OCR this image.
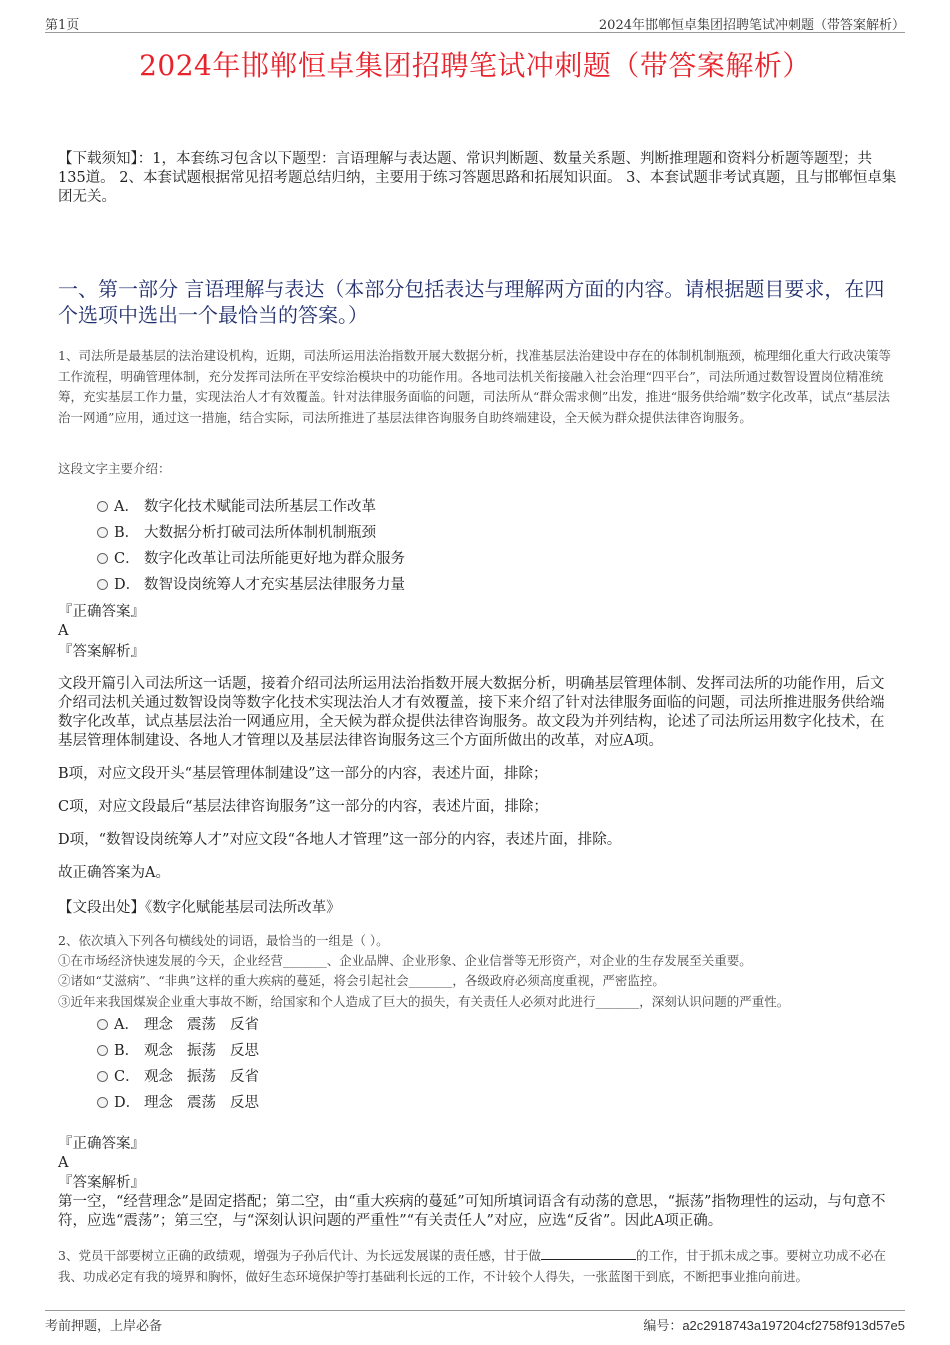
第1页	2024年邯郸恒卓集团招聘笔试冲刺题（带答案解析）
2024年邯郸恒卓集团招聘笔试冲刺题（带答案解析）
【下载须知】：1，本套练习包含以下题型：言语理解与表达题、常识判断题、数量关系题、判断推理题和资料分析题等题型；共135道。 2、本套试题根据常见招考题总结归纳，主要用于练习答题思路和拓展知识面。 3、本套试题非考试真题，且与邯郸恒卓集团无关。
一、第一部分 言语理解与表达（本部分包括表达与理解两方面的内容。请根据题目要求，在四个选项中选出一个最恰当的答案。）
1、司法所是最基层的法治建设机构，近期，司法所运用法治指数开展大数据分析，找准基层法治建设中存在的体制机制瓶颈，梳理细化重大行政决策等工作流程，明确管理体制，充分发挥司法所在平安综治模块中的功能作用。各地司法机关衔接融入社会治理“四平台”，司法所通过数智设置岗位精准统筹，充实基层工作力量，实现法治人才有效覆盖。针对法律服务面临的问题，司法所从“群众需求侧”出发，推进“服务供给端”数字化改革，试点“基层法治一网通”应用，通过这一措施，结合实际，司法所推进了基层法律咨询服务自助终端建设，全天候为群众提供法律咨询服务。
这段文字主要介绍：
A． 数字化技术赋能司法所基层工作改革
B． 大数据分析打破司法所体制机制瓶颈
C． 数字化改革让司法所能更好地为群众服务
D． 数智设岗统筹人才充实基层法律服务力量
『正确答案』
A
『答案解析』
文段开篇引入司法所这一话题，接着介绍司法所运用法治指数开展大数据分析，明确基层管理体制、发挥司法所的功能作用，后文介绍司法机关通过数智设岗等数字化技术实现法治人才有效覆盖，接下来介绍了针对法律服务面临的问题，司法所推进服务供给端数字化改革，试点基层法治一网通应用，全天候为群众提供法律咨询服务。故文段为并列结构，论述了司法所运用数字化技术，在基层管理体制建设、各地人才管理以及基层法律咨询服务这三个方面所做出的改革，对应A项。
B项，对应文段开头“基层管理体制建设”这一部分的内容，表述片面，排除；
C项，对应文段最后“基层法律咨询服务”这一部分的内容，表述片面，排除；
D项，“数智设岗统筹人才”对应文段“各地人才管理”这一部分的内容，表述片面，排除。
故正确答案为A。
【文段出处】《数字化赋能基层司法所改革》
2、依次填入下列各句横线处的词语，最恰当的一组是（ ）。
①在市场经济快速发展的今天，企业经营_______、企业品牌、企业形象、企业信誉等无形资产，对企业的生存发展至关重要。
②诸如“艾滋病”、“非典”这样的重大疾病的蔓延，将会引起社会_______，各级政府必须高度重视，严密监控。
③近年来我国煤炭企业重大事故不断，给国家和个人造成了巨大的损失，有关责任人必须对此进行_______，深刻认识问题的严重性。
A． 理念 震荡 反省
B． 观念 振荡 反思
C． 观念 振荡 反省
D． 理念 震荡 反思
『正确答案』
A
『答案解析』
第一空，“经营理念”是固定搭配；第二空，由“重大疾病的蔓延”可知所填词语含有动荡的意思，“振荡”指物理性的运动，与句意不符，应选“震荡”；第三空，与“深刻认识问题的严重性”“有关责任人”对应，应选“反省”。因此A项正确。
3、党员干部要树立正确的政绩观，增强为子孙后代计、为长远发展谋的责任感，甘于做	的工作，甘于抓未成之事。要树立功成不必在我、功成必定有我的境界和胸怀，做好生态环境保护等打基础利长远的工作，不计较个人得失，一张蓝图干到底，不断把事业推向前进。
考前押题，上岸必备	编号：a2c2918743a197204cf2758f913d57e5
